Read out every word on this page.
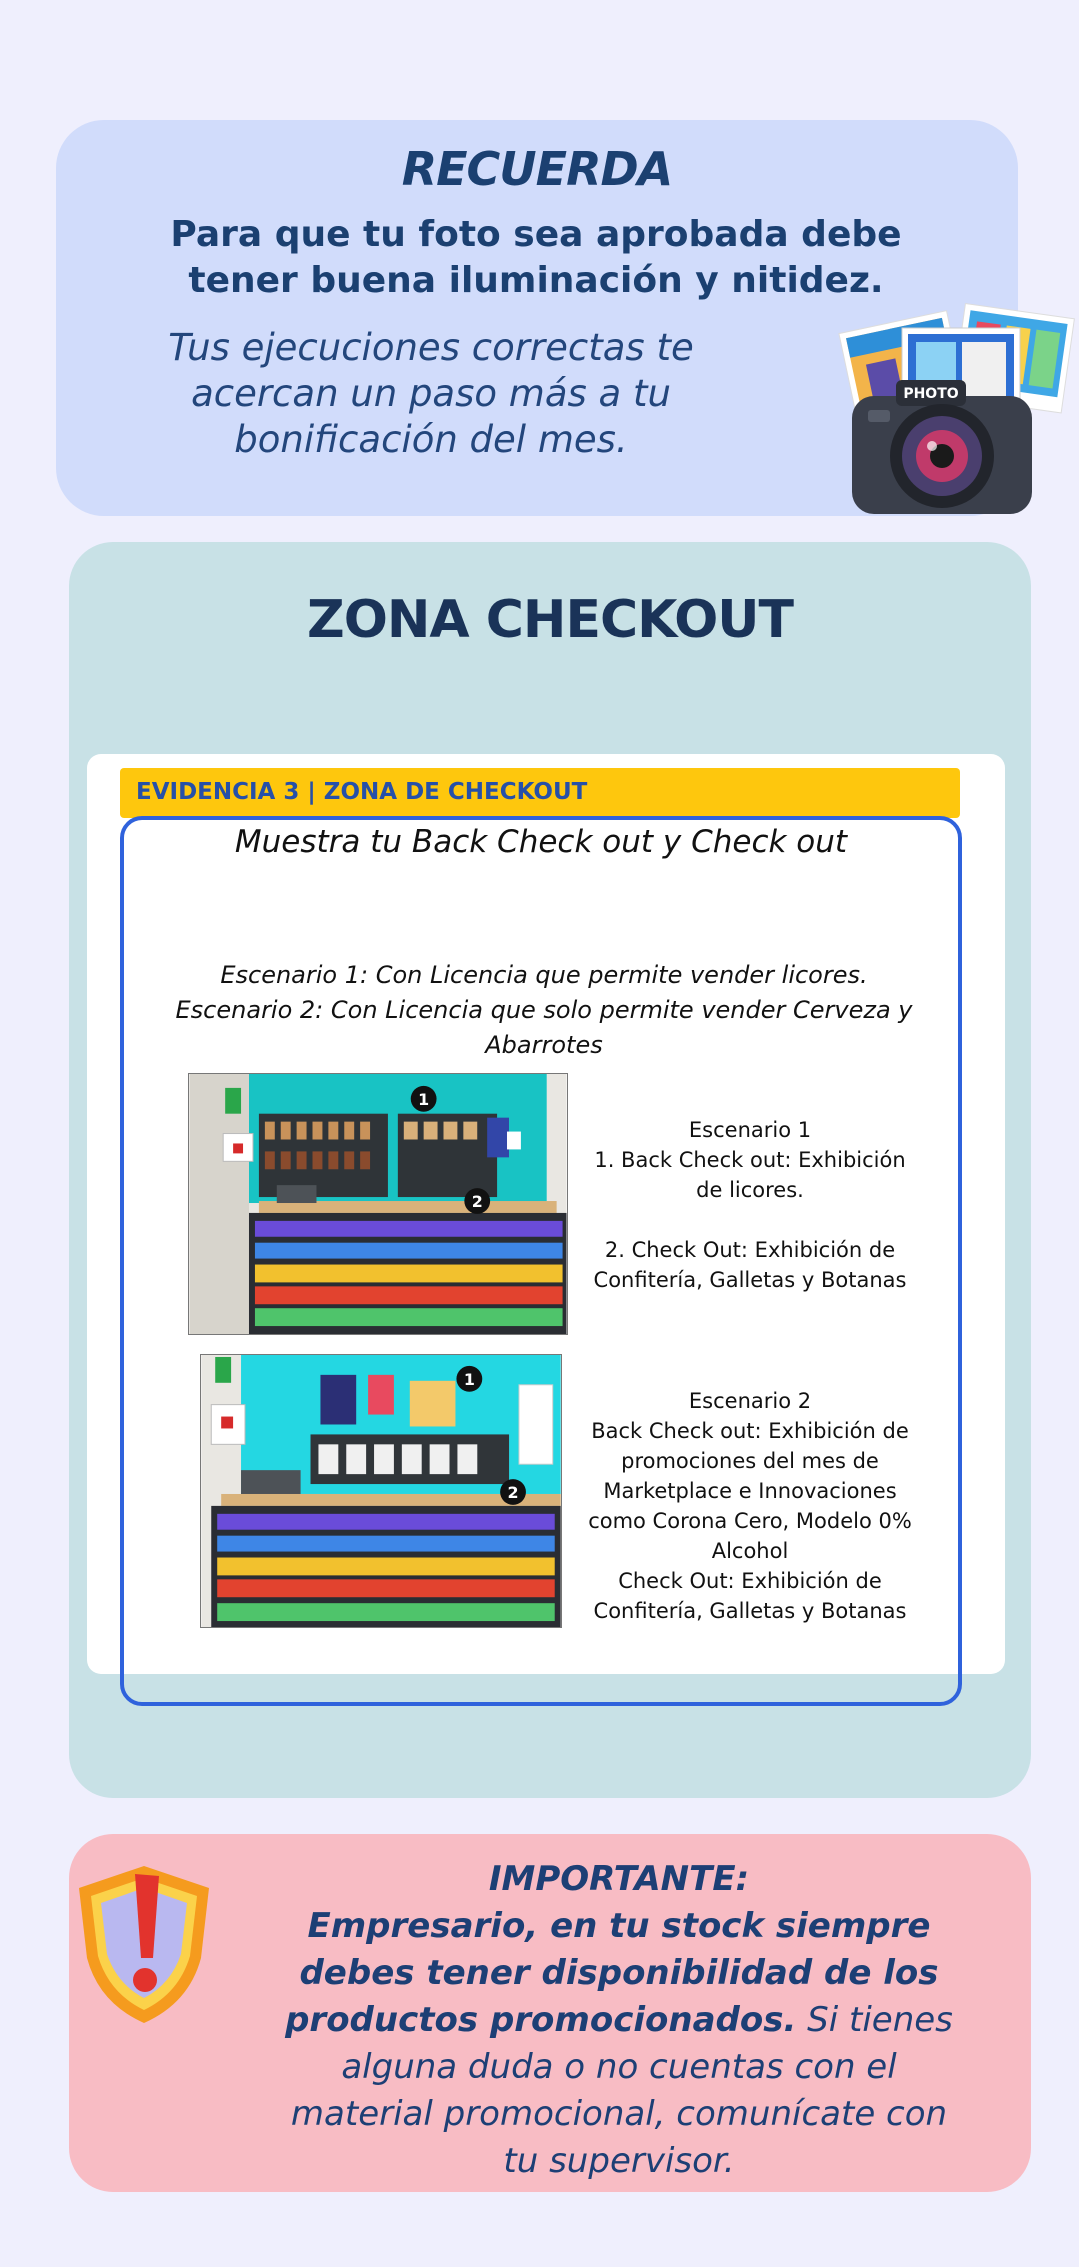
RECUERDA
Para que tu foto sea aprobada debe tener buena iluminación y nitidez.
Tus ejecuciones correctas te acercan un paso más a tu bonificación del mes.
PHOTO
ZONA CHECKOUT
EVIDENCIA 3 | ZONA DE CHECKOUT
Muestra tu Back Check out y Check out
Escenario 1: Con Licencia que permite vender licores.
Escenario 2: Con Licencia que solo permite vender Cerveza y Abarrotes
1
2
Escenario 1
1. Back Check out: Exhibición de licores.
2. Check Out: Exhibición de Confitería, Galletas y Botanas
1
2
Escenario 2
Back Check out: Exhibición de promociones del mes de Marketplace e Innovaciones como Corona Cero, Modelo 0% Alcohol
Check Out: Exhibición de Confitería, Galletas y Botanas
IMPORTANTE:
Empresario, en tu stock siempre debes tener disponibilidad de los productos promocionados. Si tienes alguna duda o no cuentas con el material promocional, comunícate con tu supervisor.
